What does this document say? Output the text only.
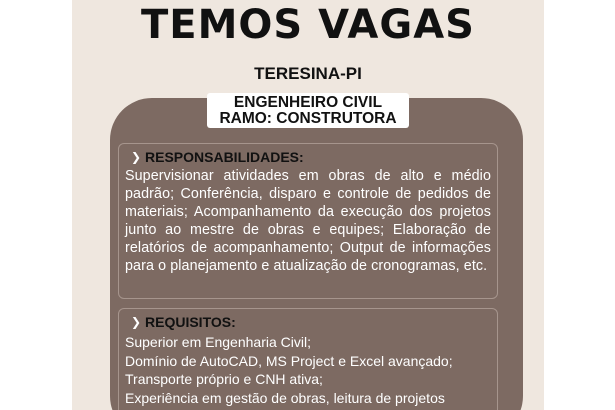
TEMOS VAGAS
TERESINA-PI
ENGENHEIRO CIVIL
RAMO: CONSTRUTORA
❯ RESPONSABILIDADES:
Supervisionar atividades em obras de alto e médio padrão; Conferência, disparo e controle de pedidos de materiais; Acompanhamento da execução dos projetos junto ao mestre de obras e equipes; Elaboração de relatórios de acompanhamento; Output de informações para o planejamento e atualização de cronogramas, etc.
❯ REQUISITOS:
Superior em Engenharia Civil;
Domínio de AutoCAD, MS Project e Excel avançado;
Transporte próprio e CNH ativa;
Experiência em gestão de obras, leitura de projetos
